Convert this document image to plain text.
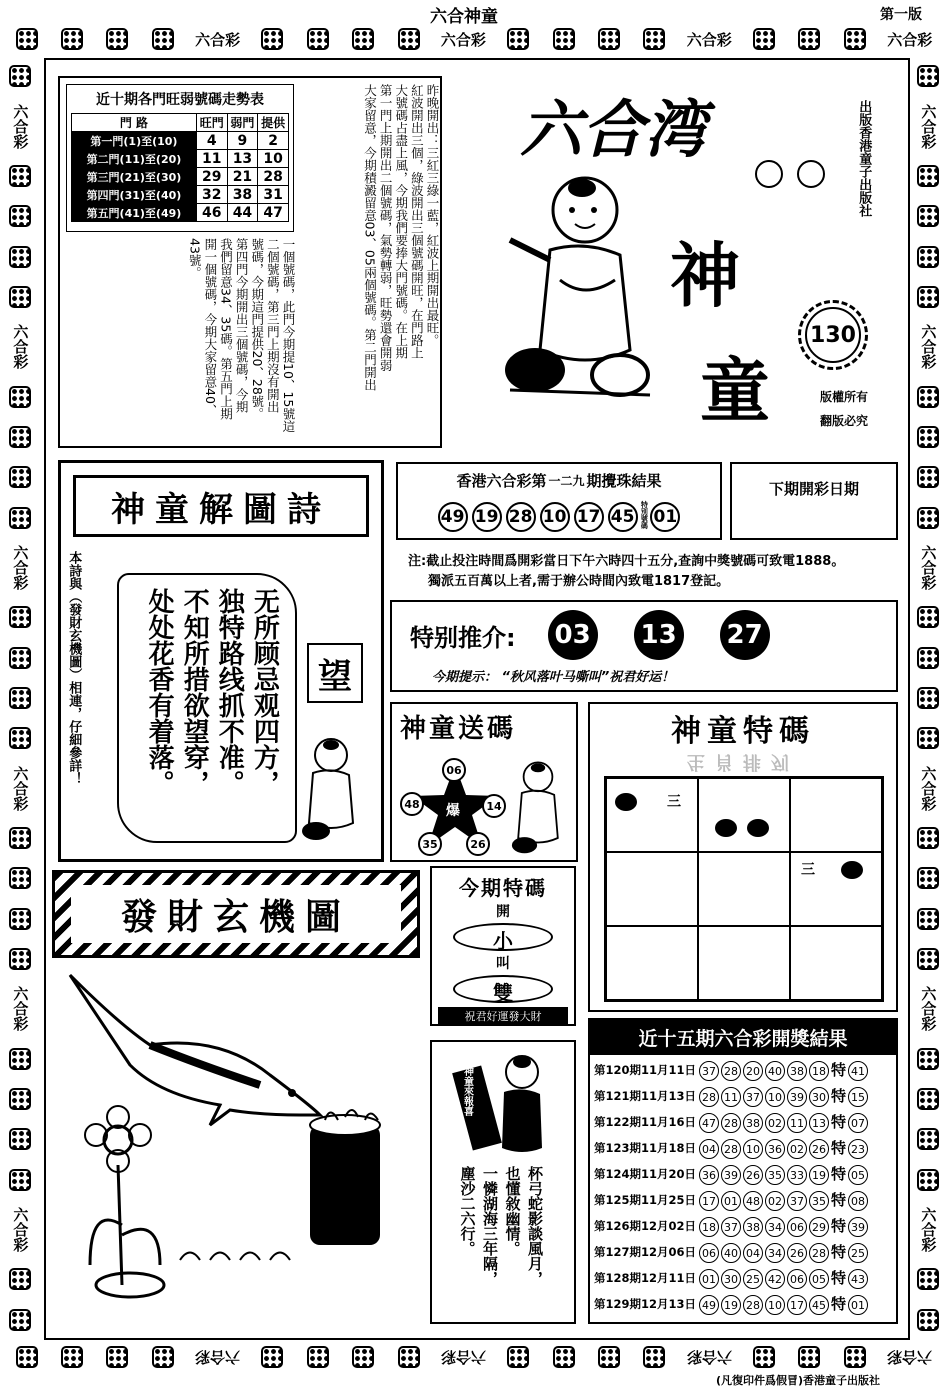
六合神童	第一版
六合彩	六合彩	六合彩	六合彩
六合彩	六合彩	六合彩	六合彩
六合彩
六合彩
六合彩
六合彩
六合彩
六合彩
六合彩
六合彩
六合彩
六合彩
六合彩
六合彩
近十期各門旺弱號碼走勢表
門 路	旺門	弱門	提供
第一門(1)至(10)	4	9	2
第二門(11)至(20)	11	13	10
第三門(21)至(30)	29	21	28
第四門(31)至(40)	32	38	31
第五門(41)至(49)	46	44	47	昨晚開出：三紅三綠一藍，紅波上期開出最旺。

紅波開出三個，綠波開出三個號碼開旺，在門路上

大號碼占盡上風，今期我們要捧大門號碼。在上期

第一門上期開出二個號碼，氣勢轉弱，旺勢還會開弱

大家留意，今期積澱留意03、05兩個號碼。第二門開出

一個號碼，此門今期提10、15號這

二個號碼，第三門上期沒有開出

號碼，今期這門提供20、28號。

第四門今期開出三個號碼，今期

我們留意34、35碼。第五門上期

開一個號碼，今期大家留意40、

43號。

六合湾
神
童
出版香港童子出版社
130
版權所有
翻版必究
神童解圖詩
本詩與（發財玄機圖）相連，仔細參詳！	无所顾忌观四方，

独特路线抓不准。

不知所措欲望穿，

处处花香有着落。	望
香港六合彩第 一二九 期攪珠結果
49 19 28 10 17 45 特別號碼 01
下期開彩日期
注:截止投注時間爲開彩當日下午六時四十五分,查詢中獎號碼可致電1888。
獨派五百萬以上者,需于辦公時間內致電1817登記。
特别推介: 03 13 27
今期提示： “秋风落叶马嘶叫”祝君好运！
神童送碼
爆
06
14
26
35
48
神童特碼
生肖排列
三
三
發財玄機圖
今期特碼
開
小
叫
雙
祝君好運發大財
神童來報喜

杯弓蛇影談風月，

也懂敘幽情。

一憐湖海三年隔，

塵沙二六行。

近十五期六合彩開獎結果
第120期11月11日	37 28 20 40 38 18 特 41
第121期11月13日	28 11 37 10 39 30 特 15
第122期11月16日	47 28 38 02 11 13 特 07
第123期11月18日	04 28 10 36 02 26 特 23
第124期11月20日	36 39 26 35 33 19 特 05
第125期11月25日	17 01 48 02 37 35 特 08
第126期12月02日	18 37 38 34 06 29 特 39
第127期12月06日	06 40 04 34 26 28 特 25
第128期12月11日	01 30 25 42 06 05 特 43
第129期12月13日	49 19 28 10 17 45 特 01
(凡復印件爲假冒)香港童子出版社
